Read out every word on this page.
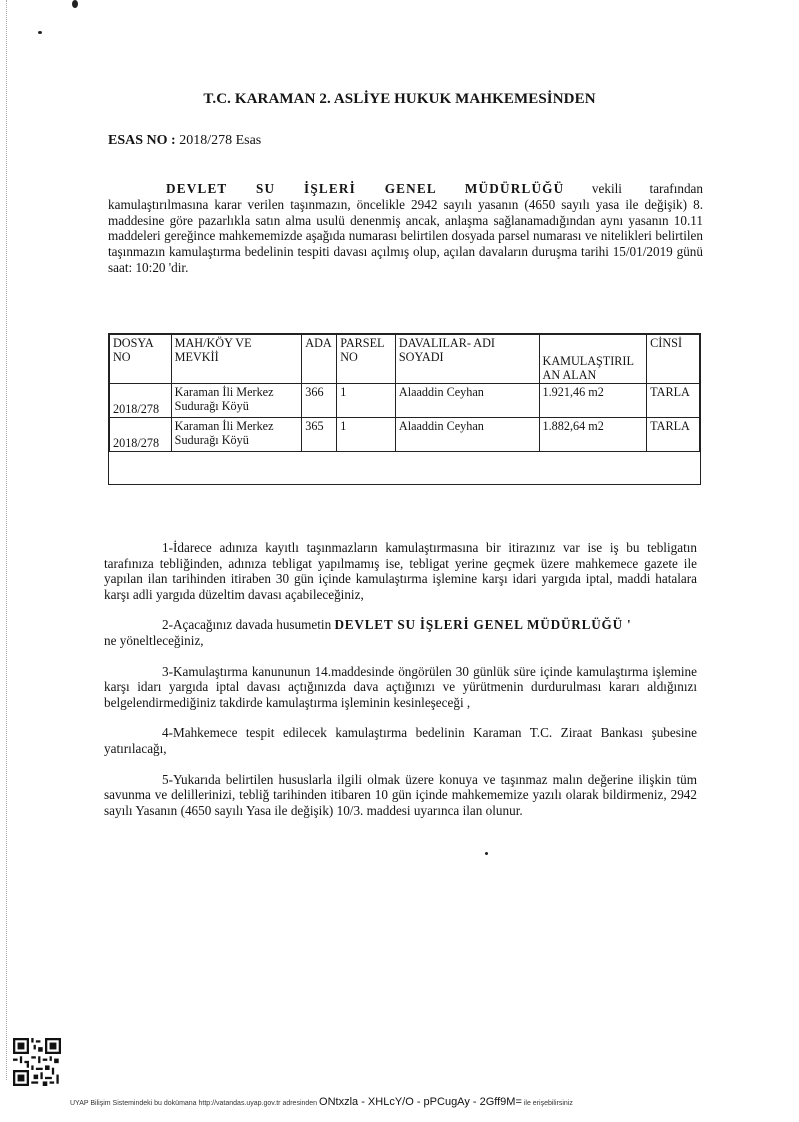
T.C. KARAMAN 2. ASLİYE HUKUK MAHKEMESİNDEN
ESAS NO : 2018/278 Esas
DEVLET SU İŞLERİ GENEL MÜDÜRLÜĞÜ vekili tarafından
kamulaştırılmasına karar verilen taşınmazın, öncelikle 2942 sayılı yasanın (4650 sayılı yasa ile değişik) 8. maddesine göre pazarlıkla satın alma usulü denenmiş ancak, anlaşma sağlanamadığından aynı yasanın 10.11 maddeleri gereğince mahkememizde aşağıda numarası belirtilen dosyada parsel numarası ve nitelikleri belirtilen taşınmazın kamulaştırma bedelinin tespiti davası açılmış olup, açılan davaların duruşma tarihi 15/01/2019 günü saat: 10:20 'dir.
DOSYA NO	MAH/KÖY VE MEVKİİ	ADA	PARSEL NO	DAVALILAR- ADI SOYADI	KAMULAŞTIRIL AN ALAN	CİNSİ
2018/278	Karaman İli Merkez Sudurağı Köyü	366	1	Alaaddin Ceyhan	1.921,46 m2	TARLA
2018/278	Karaman İli Merkez Sudurağı Köyü	365	1	Alaaddin Ceyhan	1.882,64 m2	TARLA

1-İdarece adınıza kayıtlı taşınmazların kamulaştırmasına bir itirazınız var ise iş bu tebligatın tarafınıza tebliğinden, adınıza tebligat yapılmamış ise, tebligat yerine geçmek üzere mahkemece gazete ile yapılan ilan tarihinden itiraben 30 gün içinde kamulaştırma işlemine karşı idari yargıda iptal, maddi hatalara karşı adli yargıda düzeltim davası açabileceğiniz,

2-Açacağınız davada husumetin DEVLET SU İŞLERİ GENEL MÜDÜRLÜĞÜ '
ne yöneltleceğiniz,

3-Kamulaştırma kanununun 14.maddesinde öngörülen 30 günlük süre içinde kamulaştırma işlemine karşı idarı yargıda iptal davası açtığınızda dava açtığınızı ve yürütmenin durdurulması kararı aldığınızı belgelendirmediğiniz takdirde kamulaştırma işleminin kesinleşeceği ,

4-Mahkemece tespit edilecek kamulaştırma bedelinin Karaman T.C. Ziraat Bankası şubesine yatırılacağı,

5-Yukarıda belirtilen hususlarla ilgili olmak üzere konuya ve taşınmaz malın değerine ilişkin tüm savunma ve delillerinizi, tebliğ tarihinden itibaren 10 gün içinde mahkememize yazılı olarak bildirmeniz, 2942 sayılı Yasanın (4650 sayılı Yasa ile değişik) 10/3. maddesi uyarınca ilan olunur.

UYAP Bilişim Sistemindeki bu dokümana http://vatandas.uyap.gov.tr adresinden ONtxzla - XHLcY/O - pPCugAy - 2Gff9M= ile erişebilirsiniz
